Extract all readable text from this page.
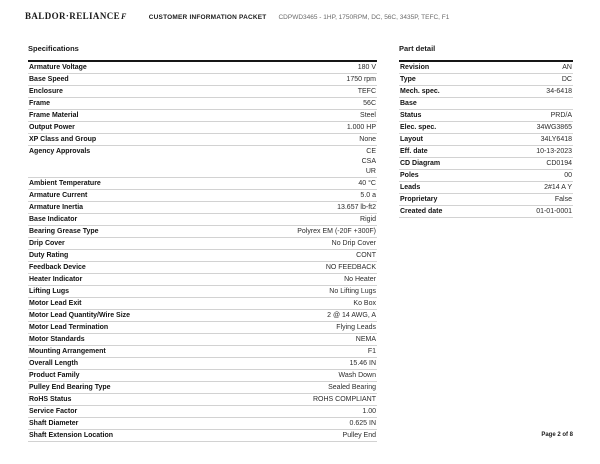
BALDOR·RELIANCEF	CUSTOMER INFORMATION PACKET CDPWD3465 - 1HP, 1750RPM, DC, 56C, 3435P, TEFC, F1
Specifications
Armature Voltage	180 V
Base Speed	1750 rpm
Enclosure	TEFC
Frame	56C
Frame Material	Steel
Output Power	1.000 HP
XP Class and Group	None
Agency Approvals	CE
CSA
UR
Ambient Temperature	40 °C
Armature Current	5.0 a
Armature Inertia	13.657 lb-ft2
Base Indicator	Rigid
Bearing Grease Type	Polyrex EM (-20F +300F)
Drip Cover	No Drip Cover
Duty Rating	CONT
Feedback Device	NO FEEDBACK
Heater Indicator	No Heater
Lifting Lugs	No Lifting Lugs
Motor Lead Exit	Ko Box
Motor Lead Quantity/Wire Size	2 @ 14 AWG, A
Motor Lead Termination	Flying Leads
Motor Standards	NEMA
Mounting Arrangement	F1
Overall Length	15.46 IN
Product Family	Wash Down
Pulley End Bearing Type	Sealed Bearing
RoHS Status	ROHS COMPLIANT
Service Factor	1.00
Shaft Diameter	0.625 IN
Shaft Extension Location	Pulley End
Part detail
Revision	AN
Type	DC
Mech. spec.	34-6418
Base
Status	PRD/A
Elec. spec.	34WG3865
Layout	34LY6418
Eff. date	10-13-2023
CD Diagram	CD0194
Poles	00
Leads	2#14 A Y
Proprietary	False
Created date	01-01-0001
Page 2 of 8
